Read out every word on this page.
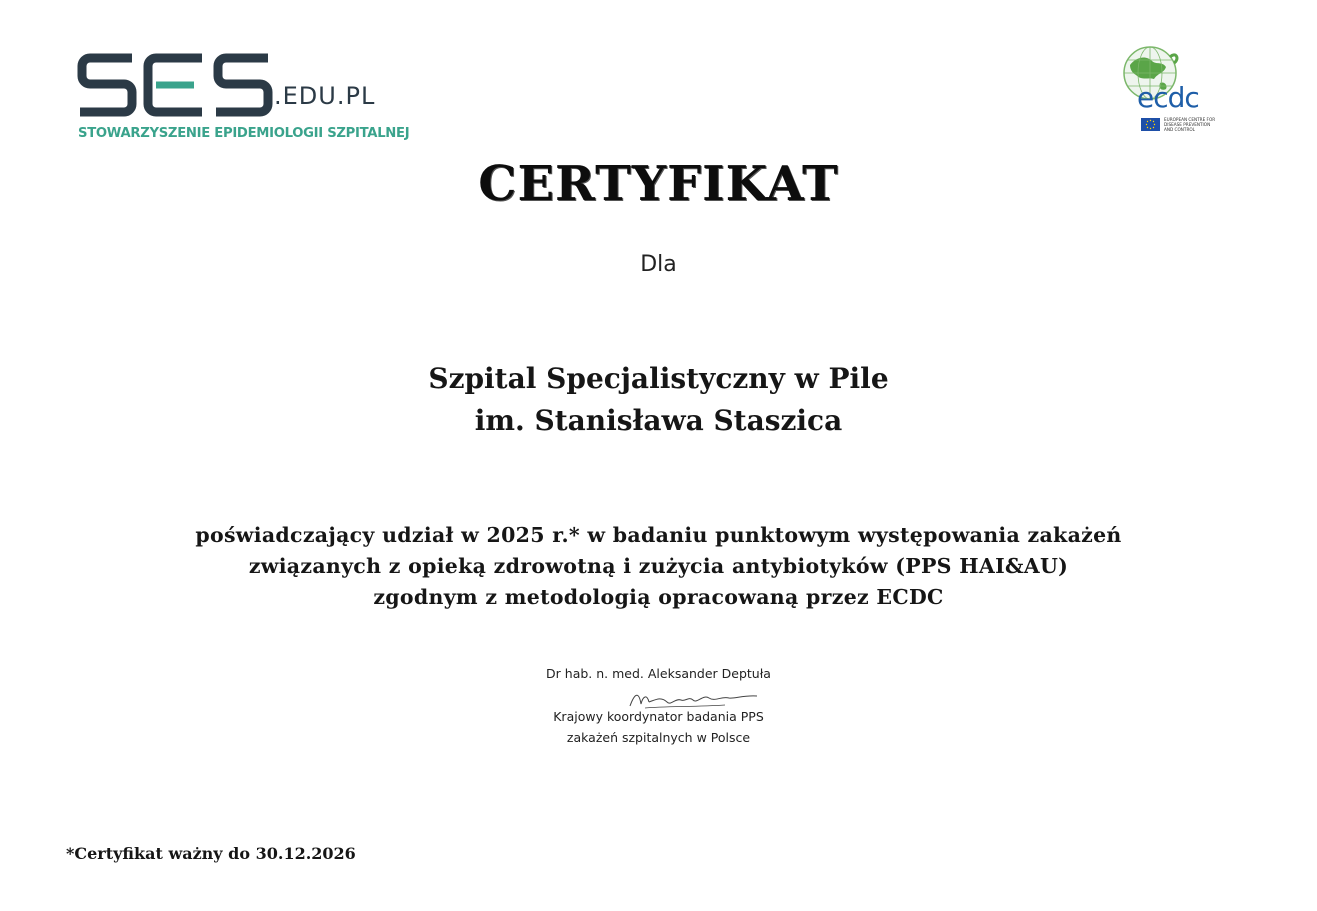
.EDU.PL
STOWARZYSZENIE EPIDEMIOLOGII SZPITALNEJ
ecdc
EUROPEAN CENTRE FOR
DISEASE PREVENTION
AND CONTROL
CERTYFIKAT
Dla
Szpital Specjalistyczny w Pile
im. Stanisława Staszica
poświadczający udział w 2025 r.* w badaniu punktowym występowania zakażeń
związanych z opieką zdrowotną i zużycia antybiotyków (PPS HAI&AU)
zgodnym z metodologią opracowaną przez ECDC
Dr hab. n. med. Aleksander Deptuła
Krajowy koordynator badania PPS
zakażeń szpitalnych w Polsce
*Certyfikat ważny do 30.12.2026
